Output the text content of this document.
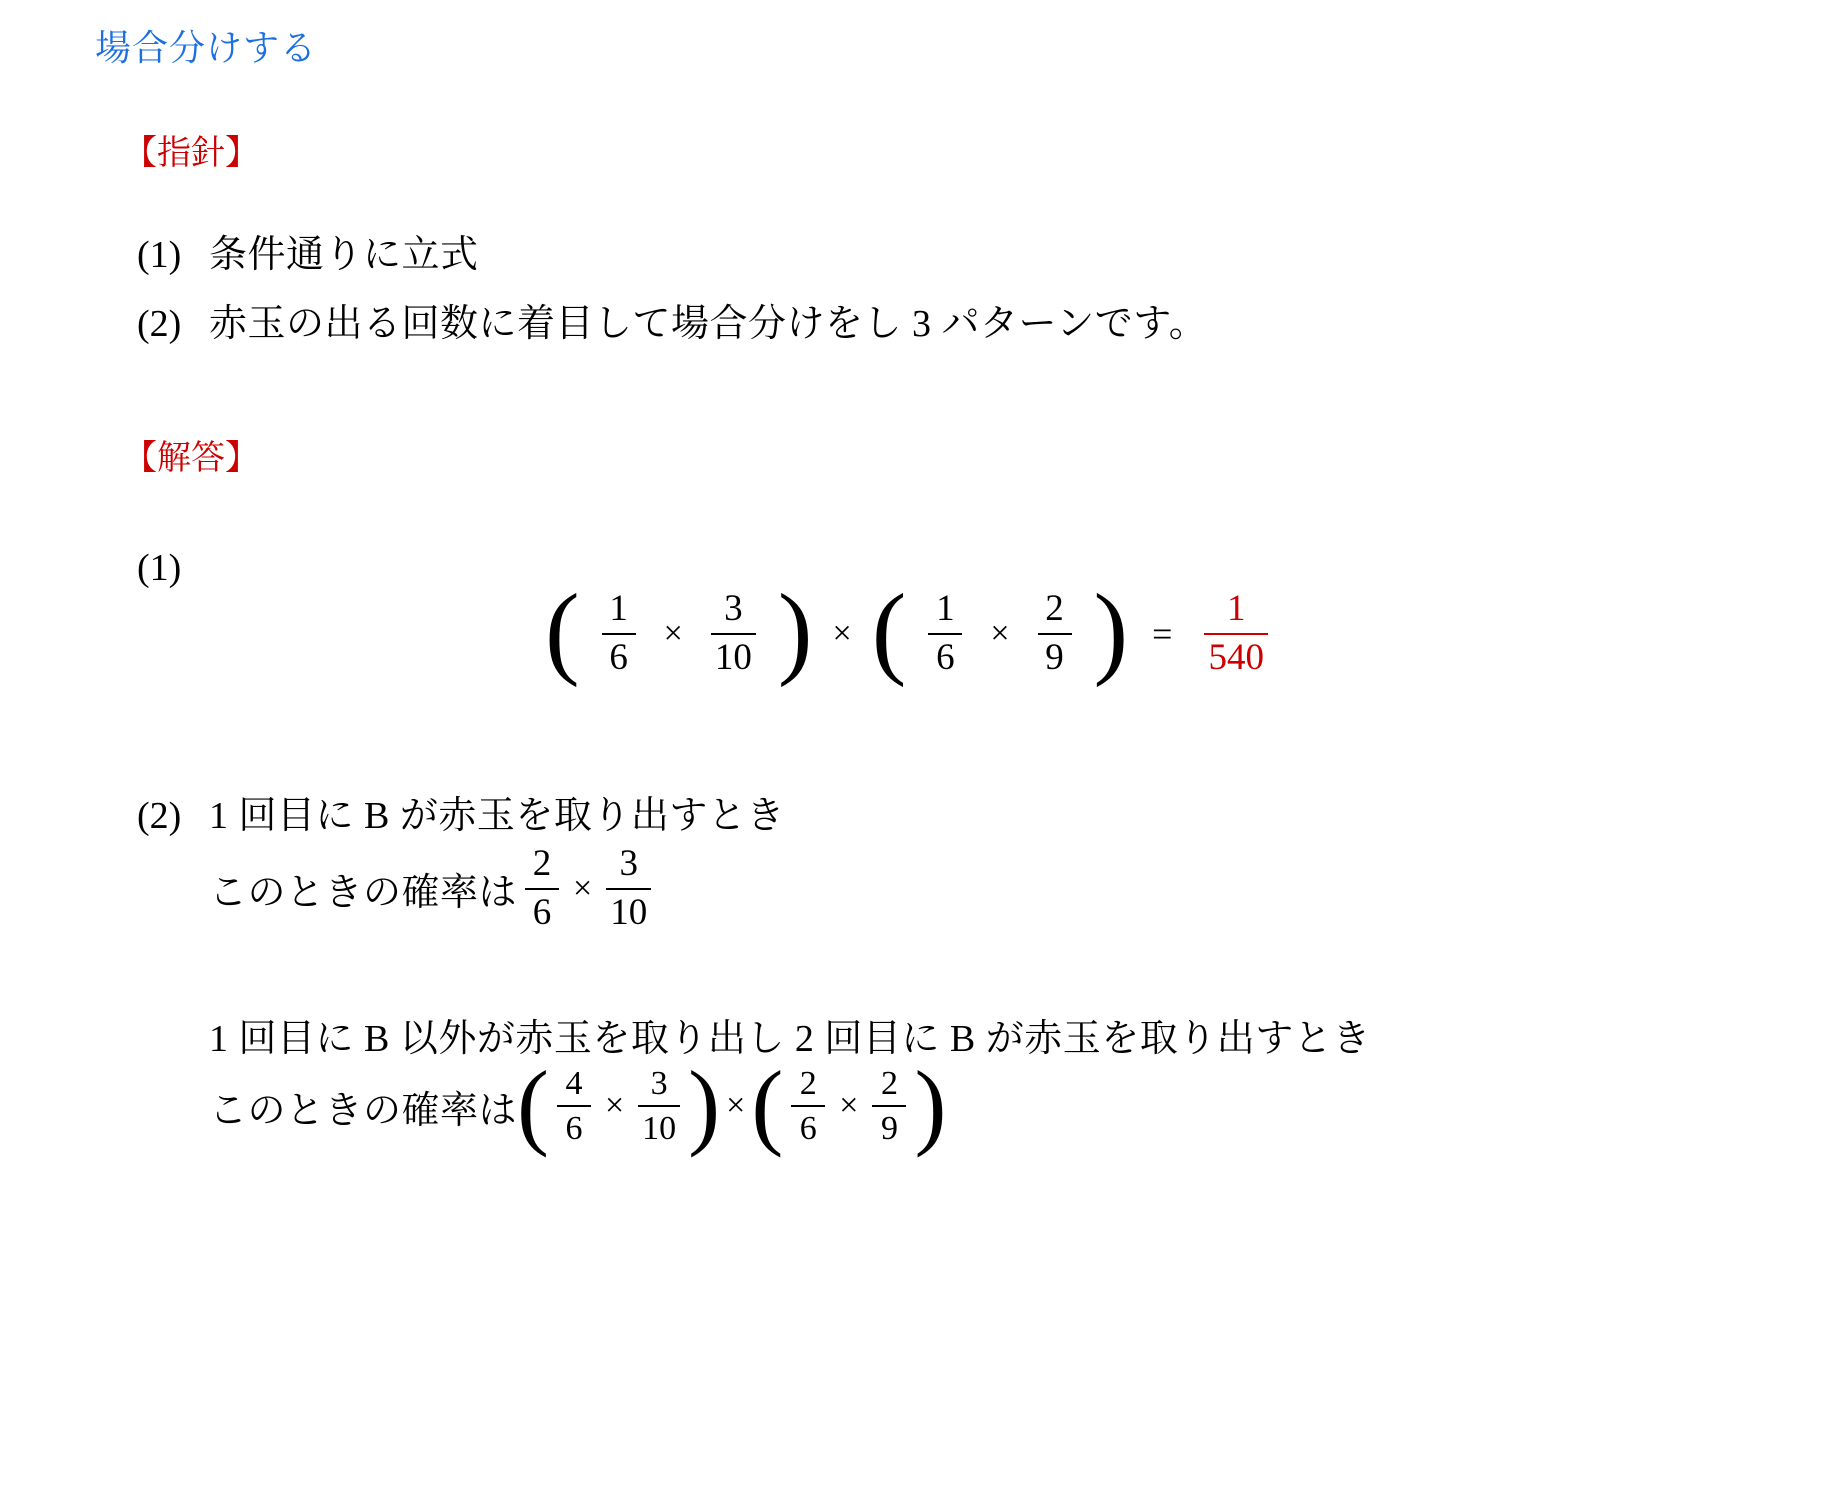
場合分けする
【指針】
(1) 条件通りに立式
(2) 赤玉の出る回数に着目して場合分けをし 3 パターンです。
【解答】
(1)
( $\frac{1}{6} \times \frac{3}{10}$ ) × ( $\frac{1}{6} \times \frac{2}{9}$ ) = $\frac{1}{540}$
(2) 1 回目に B が赤玉を取り出すとき
このときの確率は $\frac{2}{6} \times \frac{3}{10}$
1 回目に B 以外が赤玉を取り出し 2 回目に B が赤玉を取り出すとき
このときの確率は ( $\frac{4}{6} \times \frac{3}{10}$ ) × ( $\frac{2}{6} \times \frac{2}{9}$ )
